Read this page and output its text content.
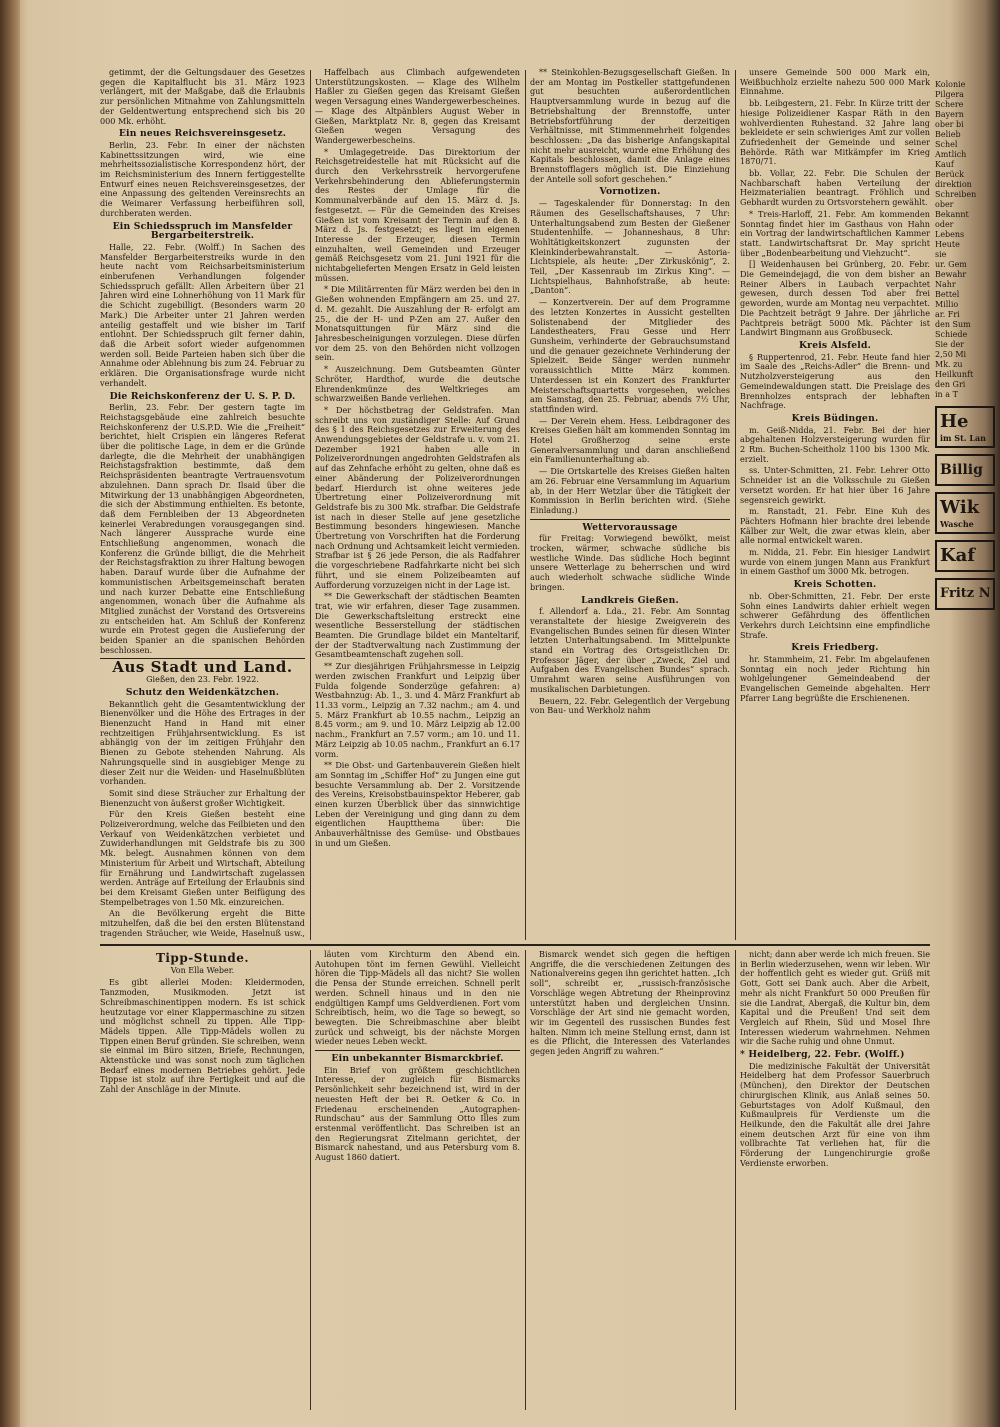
getimmt, der die Geltungsdauer des Gesetzes gegen die Kapitalflucht bis 31. März 1923 verlängert, mit der Maßgabe, daß die Erlaubnis zur persönlichen Mitnahme von Zahlungsmitteln der Geldentwertung entsprechend sich bis 20 000 Mk. erhöht.

Ein neues Reichsvereinsgesetz.

Berlin, 23. Febr. In einer der nächsten Kabinettssitzungen wird, wie eine mehrheitssozialistische Korrespondenz hört, der im Reichsministerium des Innern fertiggestellte Entwurf eines neuen Reichsvereinsgesetzes, der eine Anpassung des geltenden Vereinsrechts an die Weimarer Verfassung herbeiführen soll, durchberaten werden.

Ein Schiedsspruch im Mansfelder Bergarbeiterstreik.

Halle, 22. Febr. (Wolff.) In Sachen des Mansfelder Bergarbeiterstreiks wurde in den heute nacht vom Reichsarbeitsministerium einberufenen Verhandlungen folgender Schiedsspruch gefällt: Allen Arbeitern über 21 Jahren wird eine Lohnerhöhung von 11 Mark für die Schicht zugebilligt. (Besonders warm 20 Mark.) Die Arbeiter unter 21 Jahren werden anteilig gestaffelt und wie bisher im Tarif entlohnt. Der Schiedsspruch gilt ferner dahin, daß die Arbeit sofort wieder aufgenommen werden soll. Beide Parteien haben sich über die Annahme oder Ablehnung bis zum 24. Februar zu erklären. Die Organisationsfrage wurde nicht verhandelt.

Die Reichskonferenz der U. S. P. D.

Berlin, 23. Febr. Der gestern tagte im Reichstagsgebäude eine zahlreich besuchte Reichskonferenz der U.S.P.D. Wie die „Freiheit“ berichtet, hielt Crispien ein längeres Referat über die politische Lage, in dem er die Gründe darlegte, die die Mehrheit der unabhängigen Reichstagsfraktion bestimmte, daß dem Reichspräsidenten beantragte Vertrauensvotum abzulehnen. Dann sprach Dr. Ilsaid über die Mitwirkung der 13 unabhängigen Abgeordneten, die sich der Abstimmung enthielten. Es betonte, daß dem Fernbleiben der 13 Abgeordneten keinerlei Verabredungen vorausgegangen sind. Nach längerer Aussprache wurde eine Entschließung angenommen, wonach die Konferenz die Gründe billigt, die die Mehrheit der Reichstagsfraktion zu ihrer Haltung bewogen haben. Darauf wurde über die Aufnahme der kommunistischen Arbeitsgemeinschaft beraten und nach kurzer Debatte eine Entschließung angenommen, wonach über die Aufnahme als Mitglied zunächst der Vorstand des Ortsvereins zu entscheiden hat. Am Schluß der Konferenz wurde ein Protest gegen die Auslieferung der beiden Spanier an die spanischen Behörden beschlossen.

Aus Stadt und Land.
Gießen, den 23. Febr. 1922.
Schutz den Weidenkätzchen.

Bekanntlich geht die Gesamtentwicklung der Bienenvölker und die Höhe des Ertrages in der Bienenzucht Hand in Hand mit einer rechtzeitigen Frühjahrsentwicklung. Es ist abhängig von der im zeitigen Frühjahr den Bienen zu Gebote stehenden Nahrung. Als Nahrungsquelle sind in ausgiebiger Menge zu dieser Zeit nur die Weiden- und Haselnußblüten vorhanden.

Somit sind diese Sträucher zur Erhaltung der Bienenzucht von äußerst großer Wichtigkeit.

Für den Kreis Gießen besteht eine Polizeiverordnung, welche das Feilbieten und den Verkauf von Weidenkätzchen verbietet und Zuwiderhandlungen mit Geldstrafe bis zu 300 Mk. belegt. Ausnahmen können von dem Ministerium für Arbeit und Wirtschaft, Abteilung für Ernährung und Landwirtschaft zugelassen werden. Anträge auf Erteilung der Erlaubnis sind bei dem Kreisamt Gießen unter Beifügung des Stempelbetrages von 1.50 Mk. einzureichen.

An die Bevölkerung ergeht die Bitte mitzuhelfen, daß die bei den ersten Blütenstand tragenden Sträucher, wie Weide, Haselnuß usw.,

Haffelbach aus Climbach aufgewendeten Unterstützungskosten. — Klage des Wilhelm Haßler zu Gießen gegen das Kreisamt Gießen wegen Versagung eines Wandergewerbescheines. — Klage des Altpänblers August Weber in Gießen, Marktplatz Nr. 8, gegen das Kreisamt Gießen wegen Versagung des Wandergewerbescheins.

* Umlagegetreide. Das Direktorium der Reichsgetreidestelle hat mit Rücksicht auf die durch den Verkehrsstreik hervorgerufene Verkehrsbehinderung den Ablieferungstermin des Restes der Umlage für die Kommunalverbände auf den 15. März d. Js. festgesetzt. — Für die Gemeinden des Kreises Gießen ist vom Kreisamt der Termin auf den 8. März d. Js. festgesetzt; es liegt im eigenen Interesse der Erzeuger, diesen Termin einzuhalten, weil Gemeinden und Erzeuger gemäß Reichsgesetz vom 21. Juni 1921 für die nichtabgelieferten Mengen Ersatz in Geld leisten müssen.

* Die Militärrenten für März werden bei den in Gießen wohnenden Empfängern am 25. und 27. d. M. gezahlt. Die Auszahlung der R- erfolgt am 25., die der H- und P-Zen am 27. Außer den Monatsquittungen für März sind die Jahresbescheinigungen vorzulegen. Diese dürfen vor dem 25. von den Behörden nicht vollzogen sein.

* Auszeichnung. Dem Gutsbeamten Günter Schröter, Hardthof, wurde die deutsche Ehrendenkmünze des Weltkrieges am schwarzweißen Bande verliehen.

* Der höchstbetrag der Geldstrafen. Man schreibt uns von zuständiger Stelle: Auf Grund des § 1 des Reichsgesetzes zur Erweiterung des Anwendungsgebietes der Geldstrafe u. v. vom 21. Dezember 1921 haben alle in Polizeiverordnungen angedrohten Geldstrafen als auf das Zehnfache erhöht zu gelten, ohne daß es einer Abänderung der Polizeiverordnungen bedarf. Hierdurch ist ohne weiteres jede Übertretung einer Polizeiverordnung mit Geldstrafe bis zu 300 Mk. strafbar. Die Geldstrafe ist nach in dieser Stelle auf jene gesetzliche Bestimmung besonders hingewiesen. Manche Übertretung von Vorschriften hat die Forderung nach Ordnung und Achtsamkeit leicht vermieden. Strafbar ist § 26 jede Person, die als Radfahrer die vorgeschriebene Radfahrkarte nicht bei sich führt, und sie einem Polizeibeamten auf Aufforderung vorzuzeigen nicht in der Lage ist.

** Die Gewerkschaft der städtischen Beamten trat, wie wir erfahren, dieser Tage zusammen. Die Gewerkschaftsleitung erstreckt eine wesentliche Besserstellung der städtischen Beamten. Die Grundlage bildet ein Manteltarif, der der Stadtverwaltung nach Zustimmung der Gesamtbeamtenschaft zugehen soll.

** Zur diesjährigen Frühjahrsmesse in Leipzig werden zwischen Frankfurt und Leipzig über Fulda folgende Sonderzüge gefahren: a) Westbahnzug: Ab. 1., 3. und 4. März Frankfurt ab 11.33 vorm., Leipzig an 7.32 nachm.; am 4. und 5. März Frankfurt ab 10.55 nachm., Leipzig an 8.45 vorm.; am 9. und 10. März Leipzig ab 12.00 nachm., Frankfurt an 7.57 vorm.; am 10. und 11. März Leipzig ab 10.05 nachm., Frankfurt an 6.17 vorm.

** Die Obst- und Gartenbauverein Gießen hielt am Sonntag im „Schiffer Hof“ zu Jungen eine gut besuchte Versammlung ab. Der 2. Vorsitzende des Vereins, Kreisobstbauinspektor Heberer, gab einen kurzen Überblick über das sinnwichtige Leben der Vereinigung und ging dann zu dem eigentlichen Hauptthema über: Die Anbauverhältnisse des Gemüse- und Obstbaues in und um Gießen.

** Steinkohlen-Bezugsgesellschaft Gießen. In der am Montag im Postkeller stattgefundenen gut besuchten außerordentlichen Hauptversammlung wurde in bezug auf die Betriebshaltung der Brennstoffe, unter Betriebsfortführung der derzeitigen Verhältnisse, mit Stimmenmehrheit folgendes beschlossen: „Da das bisherige Anfangskapital nicht mehr ausreicht, wurde eine Erhöhung des Kapitals beschlossen, damit die Anlage eines Brennstofflagers möglich ist. Die Einziehung der Anteile soll sofort geschehen.“

Vornotizen.

— Tageskalender für Donnerstag: In den Räumen des Gesellschaftshauses, 7 Uhr: Unterhaltungsabend zum Besten der Gießener Studentenhilfe. — Johanneshaus, 8 Uhr: Wohltätigkeitskonzert zugunsten der Kleinkinderbewahranstalt. — Astoria-Lichtspiele, als heute: „Der Zirkuskönig“, 2. Teil, „Der Kassenraub im Zirkus King“. — Lichtspielhaus, Bahnhofstraße, ab heute: „Danton“.

— Konzertverein. Der auf dem Programme des letzten Konzertes in Aussicht gestellten Solistenabend der Mitglieder des Landestheaters, Frau Gesse und Herr Gunsheim, verhinderte der Gebrauchsumstand und die genauer gezeichnete Verhinderung der Spielzeit. Beide Sänger werden nunmehr voraussichtlich Mitte März kommen. Unterdessen ist ein Konzert des Frankfurter Meisterschaftsquartetts vorgesehen, welches am Samstag, den 25. Februar, abends 7½ Uhr, stattfinden wird.

— Der Verein ehem. Hess. Leibdragoner des Kreises Gießen hält am kommenden Sonntag im Hotel Großherzog seine erste Generalversammlung und daran anschließend ein Familienunterhaltung ab.

— Die Ortskartelle des Kreises Gießen halten am 26. Februar eine Versammlung im Aquarium ab, in der Herr Wetzlar über die Tätigkeit der Kommission in Berlin berichten wird. (Siehe Einladung.)

Wettervoraussage

für Freitag: Vorwiegend bewölkt, meist trocken, wärmer, schwache südliche bis westliche Winde. Das südliche Hoch beginnt unsere Wetterlage zu beherrschen und wird auch wiederholt schwache südliche Winde bringen.

Landkreis Gießen.

f. Allendorf a. Lda., 21. Febr. Am Sonntag veranstaltete der hiesige Zweigverein des Evangelischen Bundes seinen für diesen Winter letzten Unterhaltungsabend. Im Mittelpunkte stand ein Vortrag des Ortsgeistlichen Dr. Professor Jäger, der über „Zweck, Ziel und Aufgaben des Evangelischen Bundes“ sprach. Umrahmt waren seine Ausführungen von musikalischen Darbietungen.

Beuern, 22. Febr. Gelegentlich der Vergebung von Bau- und Werkholz nahm

unsere Gemeinde 500 000 Mark ein, Weißbuchholz erzielte nahezu 500 000 Mark Einnahme.

bb. Leibgestern, 21. Febr. In Kürze tritt der hiesige Polizeidiener Kaspar Räth in den wohlverdienten Ruhestand. 32 Jahre lang bekleidete er sein schwieriges Amt zur vollen Zufriedenheit der Gemeinde und seiner Behörde. Räth war Mitkämpfer im Krieg 1870/71.

bb. Vollar, 22. Febr. Die Schulen der Nachbarschaft haben Verteilung der Heizmaterialien beantragt. Fröhlich und Gebhardt wurden zu Ortsvorstehern gewählt.

* Treis-Harloff, 21. Febr. Am kommenden Sonntag findet hier im Gasthaus von Hahn ein Vortrag der landwirtschaftlichen Kammer statt. Landwirtschaftsrat Dr. May spricht über „Bodenbearbeitung und Viehzucht“.

[] Weidenhausen bei Grünberg, 20. Febr. Die Gemeindejagd, die von dem bisher an Reiner Albers in Laubach verpachtet gewesen, durch dessen Tod aber frei geworden, wurde am Montag neu verpachtet. Die Pachtzeit beträgt 9 Jahre. Der jährliche Pachtpreis beträgt 5000 Mk. Pächter ist Landwirt Bingmann aus Großbuseck.

Kreis Alsfeld.

§ Ruppertenrod, 21. Febr. Heute fand hier im Saale des „Reichs-Adler“ die Brenn- und Nutzholzversteigerung aus den Gemeindewaldungen statt. Die Preislage des Brennholzes entsprach der lebhaften Nachfrage.

Kreis Büdingen.

m. Geiß-Nidda, 21. Febr. Bei der hier abgehaltenen Holzversteigerung wurden für 2 Rm. Buchen-Scheitholz 1100 bis 1300 Mk. erzielt.

ss. Unter-Schmitten, 21. Febr. Lehrer Otto Schneider ist an die Volksschule zu Gießen versetzt worden. Er hat hier über 16 Jahre segensreich gewirkt.

m. Ranstadt, 21. Febr. Eine Kuh des Pächters Hofmann hier brachte drei lebende Kälber zur Welt, die zwar etwas klein, aber alle normal entwickelt waren.

m. Nidda, 21. Febr. Ein hiesiger Landwirt wurde von einem jungen Mann aus Frankfurt in einem Gasthof um 3000 Mk. betrogen.

Kreis Schotten.

nb. Ober-Schmitten, 21. Febr. Der erste Sohn eines Landwirts dahier erhielt wegen schwerer Gefährdung des öffentlichen Verkehrs durch Leichtsinn eine empfindliche Strafe.

Kreis Friedberg.

hr. Stammheim, 21. Febr. Im abgelaufenen Sonntag ein noch jeder Richtung hin wohlgelungener Gemeindeabend der Evangelischen Gemeinde abgehalten. Herr Pfarrer Lang begrüßte die Erschienenen.

Tipp-Stunde.
Von Ella Weber.

Es gibt allerlei Moden: Kleidermoden, Tanzmoden, Musikmoden. Jetzt ist Schreibmaschinentippen modern. Es ist schick heutzutage vor einer Klappermaschine zu sitzen und möglichst schnell zu tippen. Alle Tipp-Mädels tippen. Alle Tipp-Mädels wollen zu Tippen einen Beruf gründen. Sie schreiben, wenn sie einmal im Büro sitzen, Briefe, Rechnungen, Aktenstücke und was sonst noch zum täglichen Bedarf eines modernen Betriebes gehört. Jede Tippse ist stolz auf ihre Fertigkeit und auf die Zahl der Anschläge in der Minute.

läuten vom Kirchturm den Abend ein. Autohupen tönt im fernen Gewühl. Vielleicht hören die Tipp-Mädels all das nicht? Sie wollen die Pensa der Stunde erreichen. Schnell perlt werden. Schnell hinaus und in den nie endgültigen Kampf ums Geldverdienen. Fort vom Schreibtisch, heim, wo die Tage so bewegt, so bewegten. Die Schreibmaschine aber bleibt zurück und schweigt, bis der nächste Morgen wieder neues Leben weckt.

Ein unbekannter Bismarckbrief.

Ein Brief von größtem geschichtlichen Interesse, der zugleich für Bismarcks Persönlichkeit sehr bezeichnend ist, wird in der neuesten Heft der bei R. Oetker & Co. in Friedenau erscheinenden „Autographen-Rundschau“ aus der Sammlung Otto Illes zum erstenmal veröffentlicht. Das Schreiben ist an den Regierungsrat Zitelmann gerichtet, der Bismarck nahestand, und aus Petersburg vom 8. August 1860 datiert.

Bismarck wendet sich gegen die heftigen Angriffe, die die verschiedenen Zeitungen des Nationalvereins gegen ihn gerichtet hatten. „Ich soll“, schreibt er, „russisch-französische Vorschläge wegen Abtretung der Rheinprovinz unterstützt haben und dergleichen Unsinn. Vorschläge der Art sind nie gemacht worden, wir im Gegenteil des russischen Bundes fest halten. Nimm ich meine Stellung ernst, dann ist es die Pflicht, die Interessen des Vaterlandes gegen jeden Angriff zu wahren.“

nicht; dann aber werde ich mich freuen. Sie in Berlin wiederzusehen, wenn wir leben. Wir der hoffentlich geht es wieder gut. Grüß mit Gott, Gott sei Dank auch. Aber die Arbeit, mehr als nicht Frankfurt 50 000 Preußen für sie die Landrat, Abergaß, die Kultur bin, dem Kapital und die Preußen! Und seit dem Vergleich auf Rhein, Süd und Mosel Ihre Interessen wiederum wahrnehmen. Nehmen wir die Sache ruhig und ohne Unmut.

* Heidelberg, 22. Febr. (Wolff.)

Die medizinische Fakultät der Universität Heidelberg hat dem Professor Sauerbruch (München), den Direktor der Deutschen chirurgischen Klinik, aus Anlaß seines 50. Geburtstages von Adolf Kußmaul, den Kußmaulpreis für Verdienste um die Heilkunde, den die Fakultät alle drei Jahre einem deutschen Arzt für eine von ihm vollbrachte Tat verliehen hat, für die Förderung der Lungenchirurgie große Verdienste erworben.

Kolonie
Pilgera
Schere
Bayern
ober bi
Belieb
Schel
Amtlich
Kauf
Berück
direktion
Schreiben
ober
Bekannt
oder
Lebens
Heute
sie
ur. Gem
Bewahr
Nahr
Bettel
Millio
ar. Fri
den Sum
Schiede
Sie der
2,50 Mi
Mk. zu
Heilkunft
den Gri
in a T
He
im St. Lan
Billig
Wik
Wasche
Kaf
Fritz N
